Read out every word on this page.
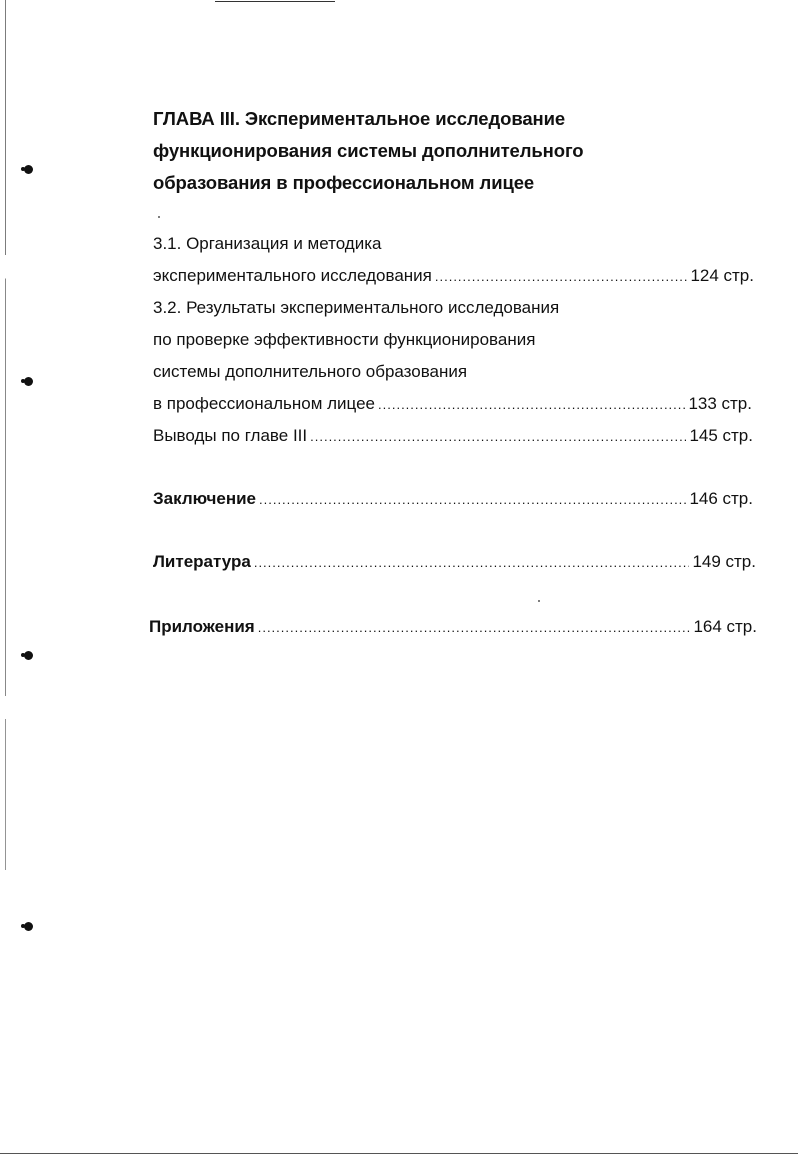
ГЛАВА III. Экспериментальное исследование
функционирования системы дополнительного
образования в профессиональном лицее
3.1. Организация и методика
экспериментального исследования .....	124 стр.
3.2. Результаты экспериментального исследования
по проверке эффективности функционирования
системы дополнительного образования
в профессиональном лицее .....	133 стр.
Выводы по главе III .....	145 стр.
Заключение .....	146 стр.
Литература .....	149 стр.
Приложения .....	164 стр.
